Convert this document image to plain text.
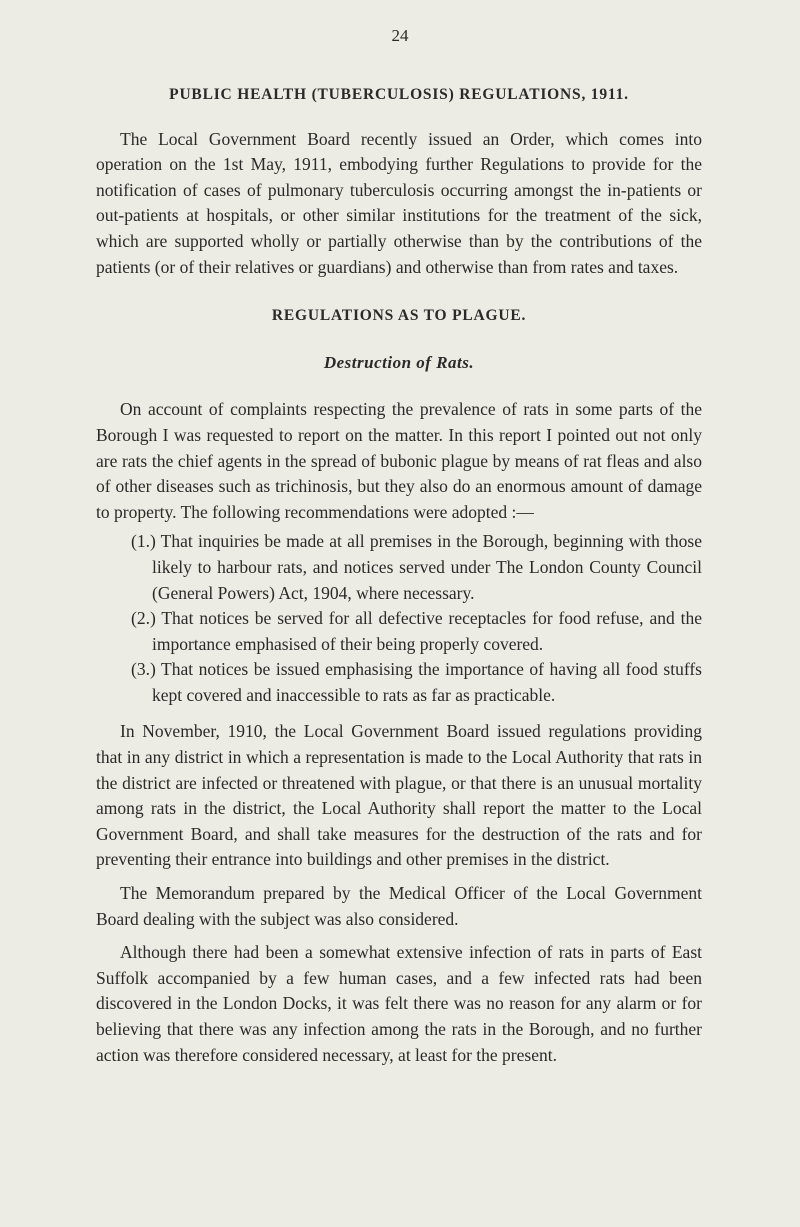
24
PUBLIC HEALTH (TUBERCULOSIS) REGULATIONS, 1911.

The Local Government Board recently issued an Order, which comes into operation on the 1st May, 1911, embodying further Regulations to provide for the notification of cases of pulmonary tuberculosis occurring amongst the in-patients or out-patients at hospitals, or other similar institutions for the treatment of the sick, which are supported wholly or partially otherwise than by the contributions of the patients (or of their relatives or guardians) and otherwise than from rates and taxes.

REGULATIONS AS TO PLAGUE.
Destruction of Rats.

On account of complaints respecting the prevalence of rats in some parts of the Borough I was requested to report on the matter. In this report I pointed out not only are rats the chief agents in the spread of bubonic plague by means of rat fleas and also of other diseases such as trichinosis, but they also do an enormous amount of damage to property. The following recommendations were adopted :—

(1.) That inquiries be made at all premises in the Borough, beginning with those likely to harbour rats, and notices served under The London County Council (General Powers) Act, 1904, where necessary.

(2.) That notices be served for all defective receptacles for food refuse, and the importance emphasised of their being properly covered.

(3.) That notices be issued emphasising the importance of having all food stuffs kept covered and inaccessible to rats as far as practicable.

In November, 1910, the Local Government Board issued regulations providing that in any district in which a representation is made to the Local Authority that rats in the district are infected or threatened with plague, or that there is an unusual mortality among rats in the district, the Local Authority shall report the matter to the Local Government Board, and shall take measures for the destruction of the rats and for preventing their entrance into buildings and other premises in the district.

The Memorandum prepared by the Medical Officer of the Local Government Board dealing with the subject was also considered.

Although there had been a somewhat extensive infection of rats in parts of East Suffolk accompanied by a few human cases, and a few infected rats had been discovered in the London Docks, it was felt there was no reason for any alarm or for believing that there was any infection among the rats in the Borough, and no further action was therefore considered necessary, at least for the present.
